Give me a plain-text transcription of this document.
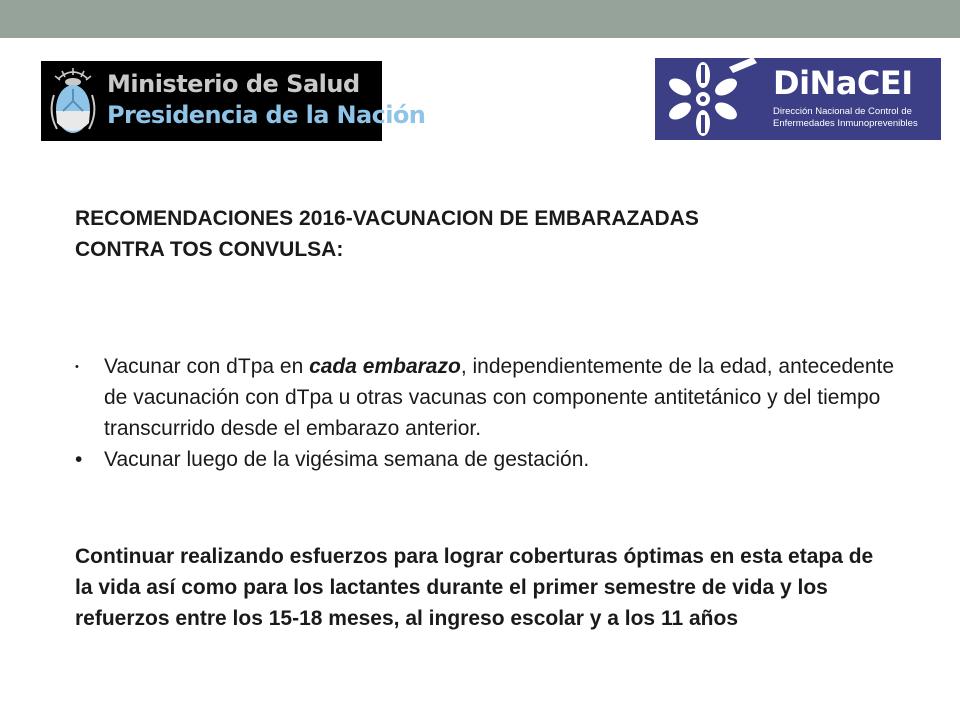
Ministerio de Salud
Presidencia de la Nación
DiNaCEI
Dirección Nacional de Control de
Enfermedades Inmunoprevenibles

RECOMENDACIONES 2016-VACUNACION DE EMBARAZADAS
CONTRA TOS CONVULSA:

• Vacunar con dTpa en cada embarazo, independientemente de la edad, antecedente de vacunación con dTpa u otras vacunas con componente antitetánico y del tiempo transcurrido desde el embarazo anterior.
• Vacunar luego de la vigésima semana de gestación.

Continuar realizando esfuerzos para lograr coberturas óptimas en esta etapa de la vida así como para los lactantes durante el primer semestre de vida y los refuerzos entre los 15-18 meses, al ingreso escolar y a los 11 años
